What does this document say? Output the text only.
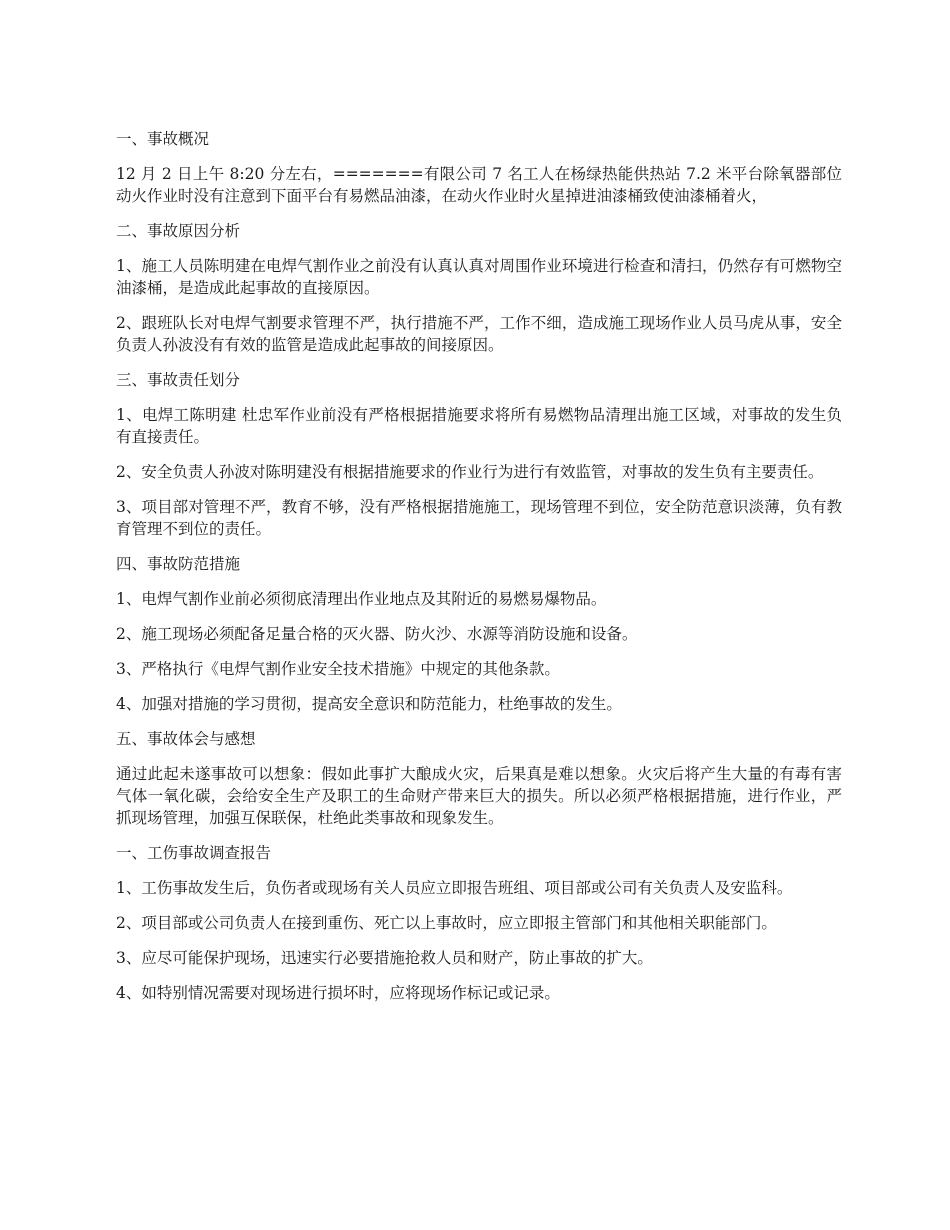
一、事故概况

12 月 2 日上午 8:20 分左右，=======有限公司 7 名工人在杨绿热能供热站 7.2 米平台除氧器部位动火作业时没有注意到下面平台有易燃品油漆，在动火作业时火星掉进油漆桶致使油漆桶着火，

二、事故原因分析

1、施工人员陈明建在电焊气割作业之前没有认真认真对周围作业环境进行检查和清扫，仍然存有可燃物空油漆桶，是造成此起事故的直接原因。

2、跟班队长对电焊气割要求管理不严，执行措施不严，工作不细，造成施工现场作业人员马虎从事，安全负责人孙波没有有效的监管是造成此起事故的间接原因。

三、事故责任划分

1、电焊工陈明建 杜忠军作业前没有严格根据措施要求将所有易燃物品清理出施工区域，对事故的发生负有直接责任。

2、安全负责人孙波对陈明建没有根据措施要求的作业行为进行有效监管，对事故的发生负有主要责任。

3、项目部对管理不严，教育不够，没有严格根据措施施工，现场管理不到位，安全防范意识淡薄，负有教育管理不到位的责任。

四、事故防范措施

1、电焊气割作业前必须彻底清理出作业地点及其附近的易燃易爆物品。

2、施工现场必须配备足量合格的灭火器、防火沙、水源等消防设施和设备。

3、严格执行《电焊气割作业安全技术措施》中规定的其他条款。

4、加强对措施的学习贯彻，提高安全意识和防范能力，杜绝事故的发生。

五、事故体会与感想

通过此起未遂事故可以想象：假如此事扩大酿成火灾，后果真是难以想象。火灾后将产生大量的有毒有害气体一氧化碳，会给安全生产及职工的生命财产带来巨大的损失。所以必须严格根据措施，进行作业，严抓现场管理，加强互保联保，杜绝此类事故和现象发生。

一、工伤事故调查报告

1、工伤事故发生后，负伤者或现场有关人员应立即报告班组、项目部或公司有关负责人及安监科。

2、项目部或公司负责人在接到重伤、死亡以上事故时，应立即报主管部门和其他相关职能部门。

3、应尽可能保护现场，迅速实行必要措施抢救人员和财产，防止事故的扩大。

4、如特别情况需要对现场进行损坏时，应将现场作标记或记录。
